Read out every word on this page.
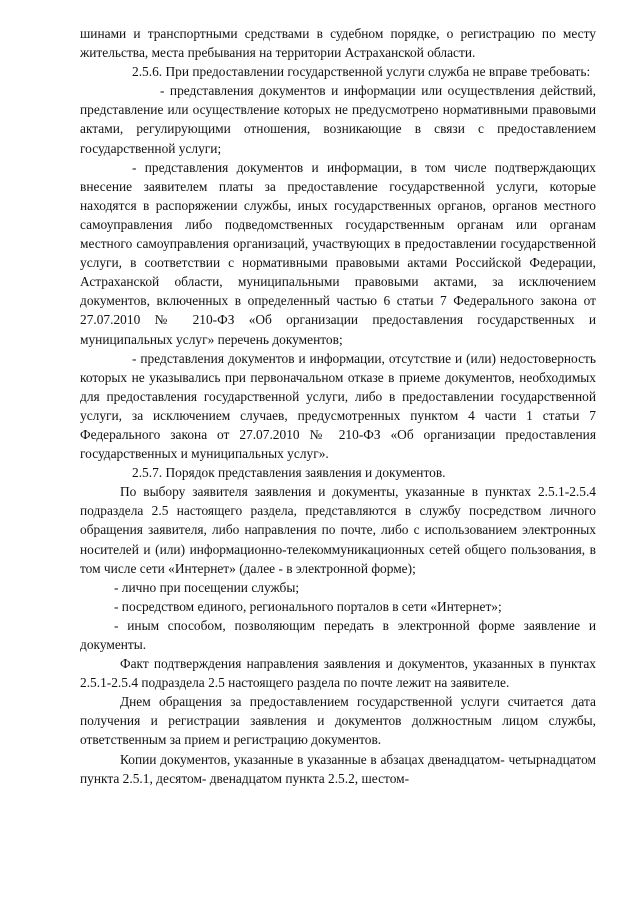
шинами и транспортными средствами в судебном порядке, о регистрацию по месту жительства, места пребывания на территории Астраханской области.

2.5.6. При предоставлении государственной услуги служба не вправе требовать:

- представления документов и информации или осуществления действий, представление или осуществление которых не предусмотрено нормативными правовыми актами, регулирующими отношения, возникающие в связи с предоставлением государственной услуги;

- представления документов и информации, в том числе подтверждающих внесение заявителем платы за предоставление государственной услуги, которые находятся в распоряжении службы, иных государственных органов, органов местного самоуправления либо подведомственных государственным органам или органам местного самоуправления организаций, участвующих в предоставлении государственной услуги, в соответствии с нормативными правовыми актами Российской Федерации, Астраханской области, муниципальными правовыми актами, за исключением документов, включенных в определенный частью 6 статьи 7 Федерального закона от 27.07.2010 № 210-ФЗ «Об организации предоставления государственных и муниципальных услуг» перечень документов;

- представления документов и информации, отсутствие и (или) недостоверность которых не указывались при первоначальном отказе в приеме документов, необходимых для предоставления государственной услуги, либо в предоставлении государственной услуги, за исключением случаев, предусмотренных пунктом 4 части 1 статьи 7 Федерального закона от 27.07.2010 № 210-ФЗ «Об организации предоставления государственных и муниципальных услуг».

2.5.7. Порядок представления заявления и документов.

По выбору заявителя заявления и документы, указанные в пунктах 2.5.1-2.5.4 подраздела 2.5 настоящего раздела, представляются в службу посредством личного обращения заявителя, либо направления по почте, либо с использованием электронных носителей и (или) информационно-телекоммуникационных сетей общего пользования, в том числе сети «Интернет» (далее - в электронной форме);

- лично при посещении службы;

- посредством единого, регионального порталов в сети «Интернет»;

- иным способом, позволяющим передать в электронной форме заявление и документы.

Факт подтверждения направления заявления и документов, указанных в пунктах 2.5.1-2.5.4 подраздела 2.5 настоящего раздела по почте лежит на заявителе.

Днем обращения за предоставлением государственной услуги считается дата получения и регистрации заявления и документов должностным лицом службы, ответственным за прием и регистрацию документов.

Копии документов, указанные в указанные в абзацах двенадцатом- четырнадцатом пункта 2.5.1, десятом- двенадцатом пункта 2.5.2, шестом-
